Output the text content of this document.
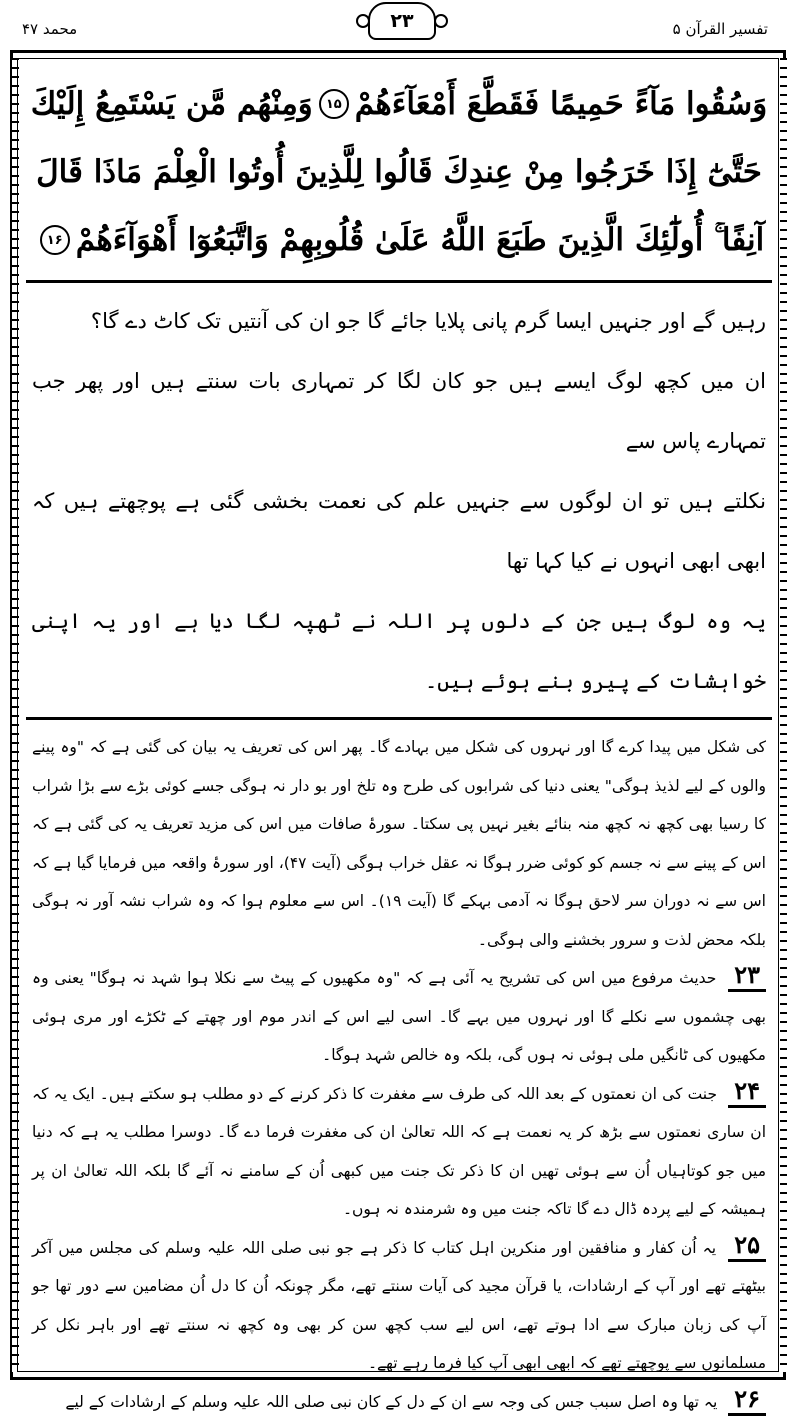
محمد ۴۷	۲۳	تفسیر القرآن ۵
وَسُقُوا مَآءً حَمِيمًا فَقَطَّعَ أَمْعَآءَهُمْ
۱۵
وَمِنْهُم مَّن يَسْتَمِعُ إِلَيْكَ
حَتَّىٰٓ إِذَا خَرَجُوا مِنْ عِندِكَ قَالُوا لِلَّذِينَ أُوتُوا الْعِلْمَ مَاذَا قَالَ
آنِفًا ۚ أُولَٰٓئِكَ الَّذِينَ طَبَعَ اللَّهُ عَلَىٰ قُلُوبِهِمْ وَاتَّبَعُوٓا أَهْوَآءَهُمْ
۱۶
رہیں گے اور جنہیں ایسا گرم پانی پلایا جائے گا جو ان کی آنتیں تک کاٹ دے گا؟
ان میں کچھ لوگ ایسے ہیں جو کان لگا کر تمہاری بات سنتے ہیں اور پھر جب تمہارے پاس سے
نکلتے ہیں تو ان لوگوں سے جنہیں علم کی نعمت بخشی گئی ہے پوچھتے ہیں کہ ابھی ابھی انہوں نے کیا کہا تھا
یہ وہ لوگ ہیں جن کے دلوں پر اللہ نے ٹھپہ لگا دیا ہے اور یہ اپنی خواہشات کے پیرو بنے ہوئے ہیں۔

کی شکل میں پیدا کرے گا اور نہروں کی شکل میں بہادے گا۔ پھر اس کی تعریف یہ بیان کی گئی ہے کہ "وہ پینے والوں کے لیے لذیذ ہوگی" یعنی دنیا کی شرابوں کی طرح وہ تلخ اور بو دار نہ ہوگی جسے کوئی بڑے سے بڑا شراب کا رسیا بھی کچھ نہ کچھ منہ بنائے بغیر نہیں پی سکتا۔ سورۂ صافات میں اس کی مزید تعریف یہ کی گئی ہے کہ اس کے پینے سے نہ جسم کو کوئی ضرر ہوگا نہ عقل خراب ہوگی (آیت ۴۷)، اور سورۂ واقعہ میں فرمایا گیا ہے کہ اس سے نہ دوران سر لاحق ہوگا نہ آدمی بہکے گا (آیت ۱۹)۔ اس سے معلوم ہوا کہ وہ شراب نشہ آور نہ ہوگی بلکہ محض لذت و سرور بخشنے والی ہوگی۔

۲۳ حدیث مرفوع میں اس کی تشریح یہ آئی ہے کہ "وہ مکھیوں کے پیٹ سے نکلا ہوا شہد نہ ہوگا" یعنی وہ بھی چشموں سے نکلے گا اور نہروں میں بہے گا۔ اسی لیے اس کے اندر موم اور چھتے کے ٹکڑے اور مری ہوئی مکھیوں کی ٹانگیں ملی ہوئی نہ ہوں گی، بلکہ وہ خالص شہد ہوگا۔

۲۴ جنت کی ان نعمتوں کے بعد اللہ کی طرف سے مغفرت کا ذکر کرنے کے دو مطلب ہو سکتے ہیں۔ ایک یہ کہ ان ساری نعمتوں سے بڑھ کر یہ نعمت ہے کہ اللہ تعالیٰ ان کی مغفرت فرما دے گا۔ دوسرا مطلب یہ ہے کہ دنیا میں جو کوتاہیاں اُن سے ہوئی تھیں ان کا ذکر تک جنت میں کبھی اُن کے سامنے نہ آئے گا بلکہ اللہ تعالیٰ ان پر ہمیشہ کے لیے پردہ ڈال دے گا تاکہ جنت میں وہ شرمندہ نہ ہوں۔

۲۵ یہ اُن کفار و منافقین اور منکرین اہل کتاب کا ذکر ہے جو نبی صلی اللہ علیہ وسلم کی مجلس میں آکر بیٹھتے تھے اور آپ کے ارشادات، یا قرآن مجید کی آیات سنتے تھے، مگر چونکہ اُن کا دل اُن مضامین سے دور تھا جو آپ کی زبان مبارک سے ادا ہوتے تھے، اس لیے سب کچھ سن کر بھی وہ کچھ نہ سنتے تھے اور باہر نکل کر مسلمانوں سے پوچھتے تھے کہ ابھی ابھی آپ کیا فرما رہے تھے۔

۲۶ یہ تھا وہ اصل سبب جس کی وجہ سے ان کے دل کے کان نبی صلی اللہ علیہ وسلم کے ارشادات کے لیے
